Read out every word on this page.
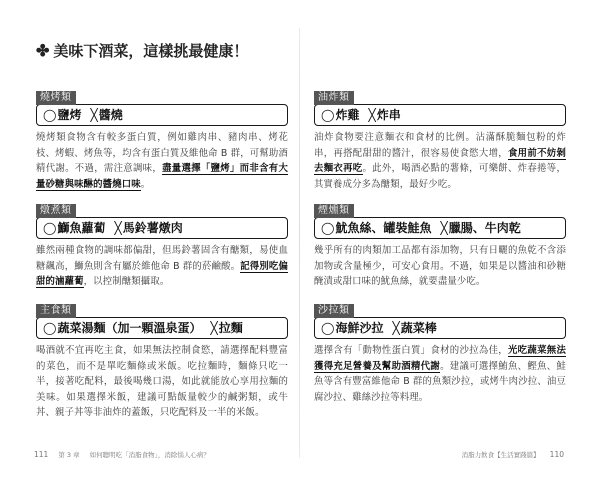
✤ 美味下酒菜，這樣挑最健康！
燒烤類
◯鹽烤 ╳醬燒
燒烤類食物含有較多蛋白質，例如雞肉串、豬肉串、烤花枝、烤蝦、烤魚等，均含有蛋白質及維他命 B 群，可幫助酒精代謝。不過，需注意調味，盡量選擇「鹽烤」而非含有大量砂糖與味醂的醬燒口味。
油炸類
◯炸雞 ╳炸串
油炸食物要注意麵衣和食材的比例。沾滿酥脆麵包粉的炸串，再搭配甜甜的醬汁，很容易使食慾大增，食用前不妨剝去麵衣再吃。此外，喝酒必點的薯條，可樂餅、炸春捲等，其實養成分多為醣類，最好少吃。
燉煮類
◯鰤魚蘿蔔 ╳馬鈴薯燉肉
雖然兩種食物的調味都偏甜，但馬鈴薯固含有醣類，易使血糖飆高，鰤魚則含有屬於維他命 B 群的菸鹼酸。記得別吃偏甜的滷蘿蔔，以控制醣類攝取。
煙燻類
◯魷魚絲、罐裝鮭魚 ╳臘腸、牛肉乾
幾乎所有的肉類加工品都有添加物，只有日曬的魚乾不含添加物或含量極少，可安心食用。不過，如果是以醬油和砂糖醃漬或甜口味的魷魚絲，就要盡量少吃。
主食類
◯蔬菜湯麵（加一顆溫泉蛋） ╳拉麵
喝酒就不宜再吃主食，如果無法控制食慾，請選擇配料豐富的菜色，而不是單吃麵條或米飯。吃拉麵時，麵條只吃一半，接著吃配料，最後喝幾口湯，如此就能放心享用拉麵的美味。如果選擇米飯，建議可點飯量較少的鹹粥類，或牛丼、親子丼等非油炸的蓋飯，只吃配料及一半的米飯。
沙拉類
◯海鮮沙拉 ╳蔬菜棒
選擇含有「動物性蛋白質」食材的沙拉為佳，光吃蔬菜無法獲得充足營養及幫助酒精代謝。建議可選擇鮪魚、鰹魚、鮭魚等含有豐富維他命 B 群的魚類沙拉，或烤牛肉沙拉、油豆腐沙拉、雞絲沙拉等料理。
111 第 3 章 如何聰明吃「消脂食物」，消除惱人心病？	消脂力飲食【生活實踐篇】 110
